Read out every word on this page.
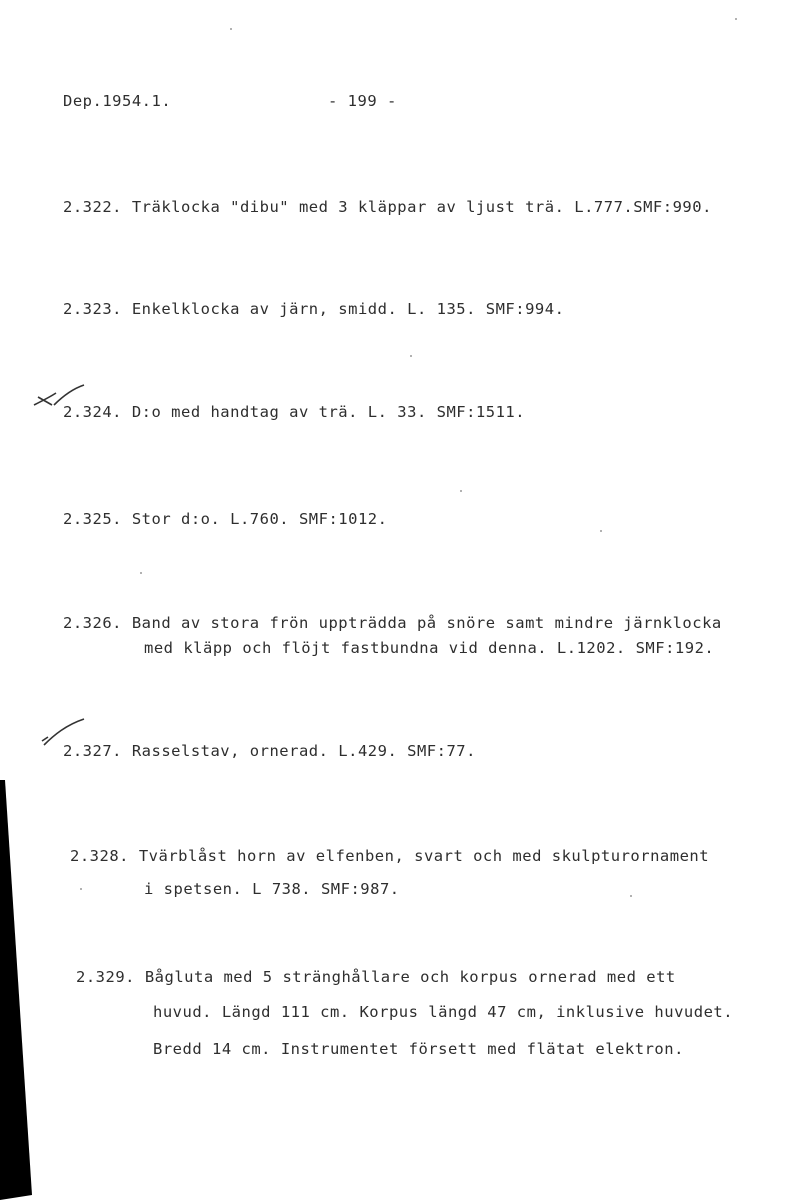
Dep.1954.1.	- 199 -
2.322. Träklocka "dibu" med 3 kläppar av ljust trä. L.777.SMF:990.
2.323. Enkelklocka av järn, smidd. L. 135. SMF:994.
2.324. D:o med handtag av trä. L. 33. SMF:1511.
2.325. Stor d:o. L.760. SMF:1012.
2.326. Band av stora frön uppträdda på snöre samt mindre järnklocka
med kläpp och flöjt fastbundna vid denna. L.1202. SMF:192.
2.327. Rasselstav, ornerad. L.429. SMF:77.
2.328. Tvärblåst horn av elfenben, svart och med skulpturornament
i spetsen. L 738. SMF:987.
2.329. Bågluta med 5 stränghållare och korpus ornerad med ett
huvud. Längd 111 cm. Korpus längd 47 cm, inklusive huvudet.
Bredd 14 cm. Instrumentet försett med flätat elektron.
